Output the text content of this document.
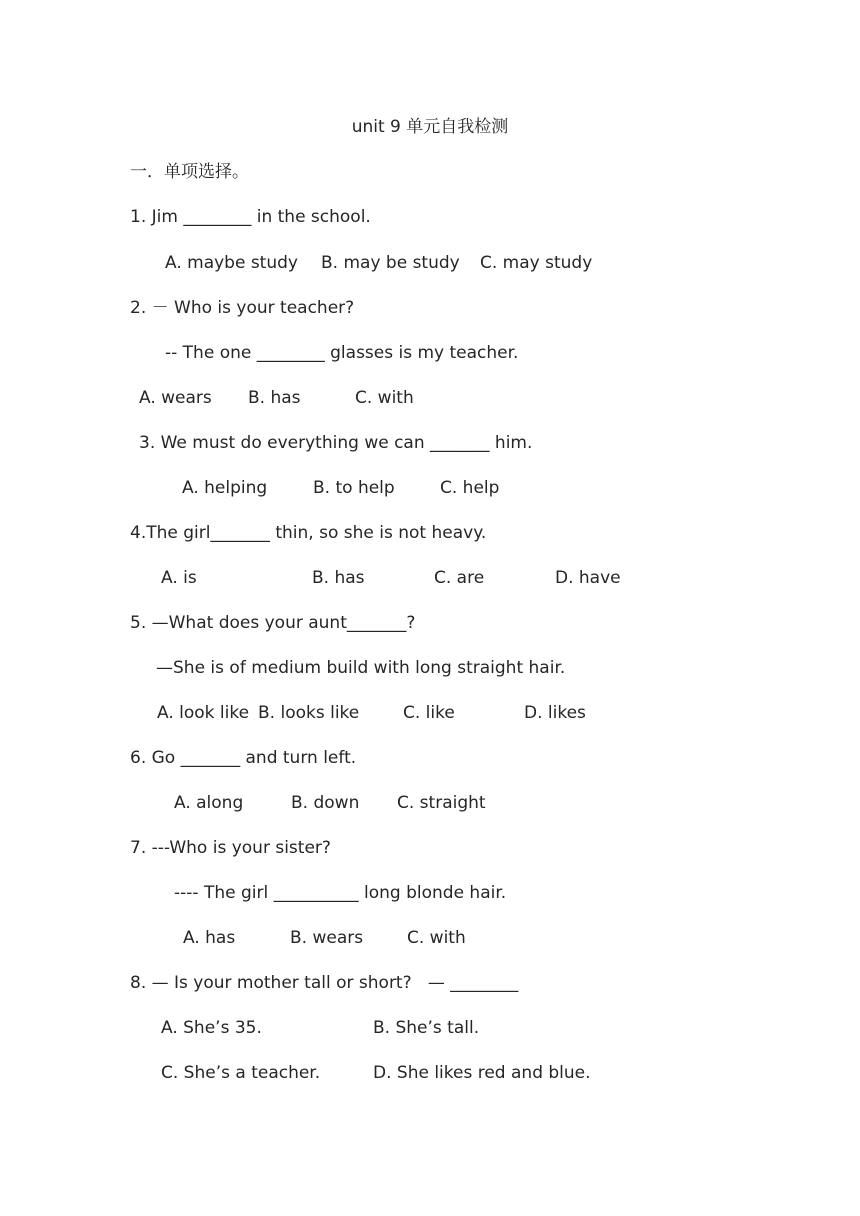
unit 9 单元自我检测
一．单项选择。
1. Jim ________ in the school.
A. maybe study B. may be study C. may study
2. － Who is your teacher?
-- The one ________ glasses is my teacher.
A. wears B. has	C. with
3. We must do everything we can _______ him.
A. helping	B. to help	C. help
4.The girl_______ thin, so she is not heavy.
A. is	B. has	C. are	D. have
5. —What does your aunt_______?
—She is of medium build with long straight hair.
A. look like B. looks like	C. like	D. likes
6. Go _______ and turn left.
A. along	B. down C. straight
7. ---Who is your sister?
---- The girl __________ long blonde hair.
A. has	B. wears	C. with
8. — Is your mother tall or short?   — ________
A. She’s 35.	B. She’s tall.
C. She’s a teacher.	D. She likes red and blue.
